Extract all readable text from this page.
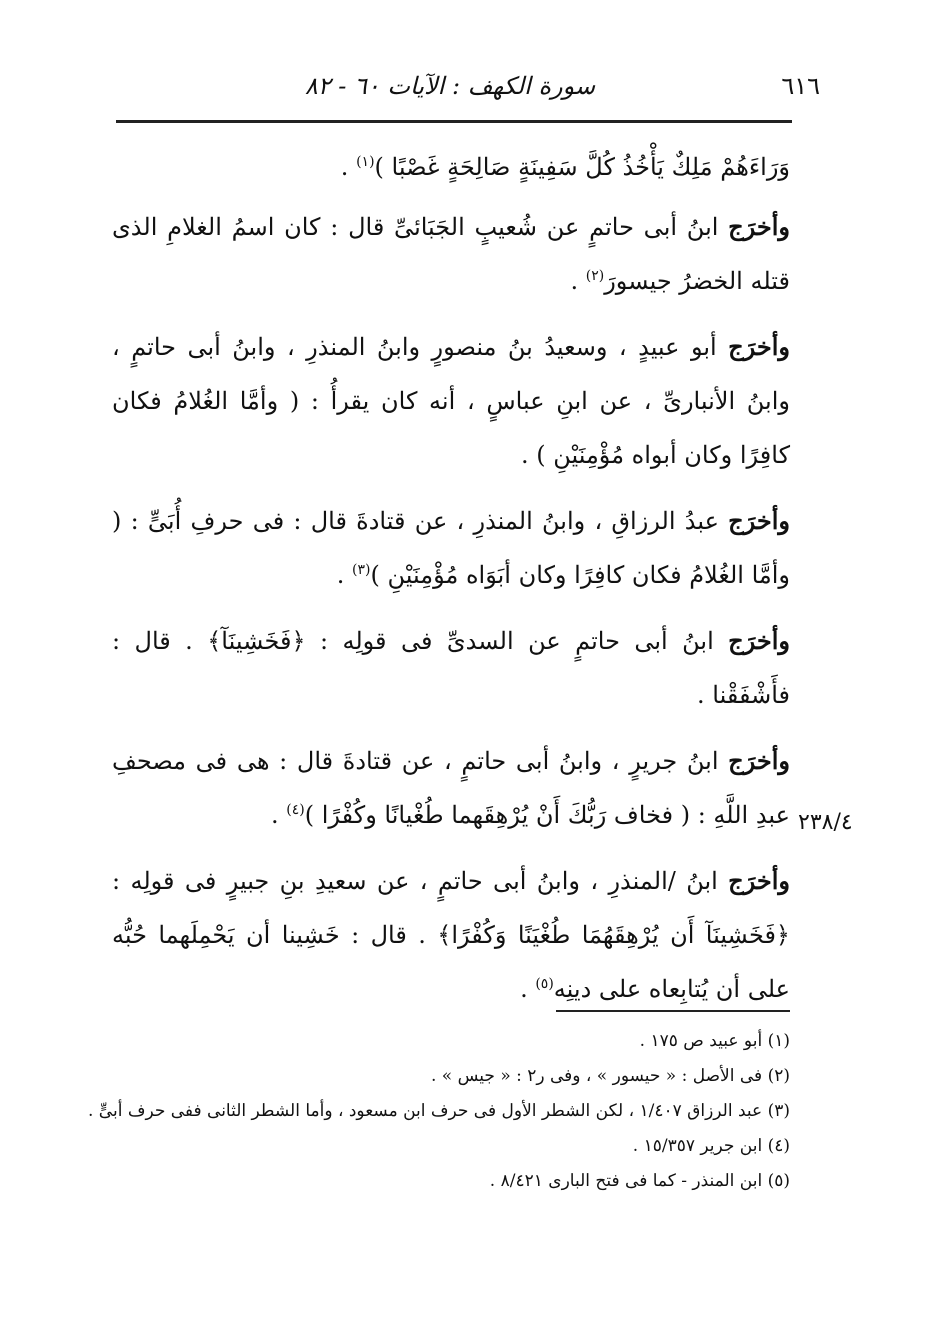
٦١٦

سورة الكهف : الآيات ٦٠ - ٨٢

وَرَاءَهُمْ مَلِكٌ يَأْخُذُ كُلَّ سَفِينَةٍ صَالِحَةٍ غَصْبًا )$^{(١)}$ .

وأخرَج ابنُ أبى حاتمٍ عن شُعيبٍ الجَبَائىِّ قال : كان اسمُ الغلامِ الذى قتله الخضرُ جيسورَ$^{(٢)}$ .

وأخرَج أبو عبيدٍ ، وسعيدُ بنُ منصورٍ وابنُ المنذرِ ، وابنُ أبى حاتمٍ ، وابنُ الأنبارىِّ ، عن ابنِ عباسٍ ، أنه كان يقرأُ : ( وأمَّا الغُلامُ فكان كافِرًا وكان أبواه مُؤْمِنَيْنِ ) .

وأخرَج عبدُ الرزاقِ ، وابنُ المنذرِ ، عن قتادةَ قال : فى حرفِ أُبَىٍّ : ( وأمَّا الغُلامُ فكان كافِرًا وكان أبَوَاه مُؤْمِنَيْنِ )$^{(٣)}$ .

وأخرَج ابنُ أبى حاتمٍ عن السدىِّ فى قولِه : ﴿فَخَشِينَآ﴾ . قال : فأَشْفَقْنا .

وأخرَج ابنُ جريرٍ ، وابنُ أبى حاتمٍ ، عن قتادةَ قال : هى فى مصحفِ عبدِ اللَّهِ : ( فخاف رَبُّكَ أَنْ يُرْهِقَهما طُغْيانًا وكُفْرًا )$^{(٤)}$ .

وأخرَج ابنُ /المنذرِ ، وابنُ أبى حاتمٍ ، عن سعيدِ بنِ جبيرٍ فى قولِه : ﴿فَخَشِينَآ أَن يُرْهِقَهُمَا طُغْيَنًا وَكُفْرًا﴾ . قال : خَشِينا أن يَحْمِلَهما حُبُّه على أن يُتابِعاه على دينِه$^{(٥)}$ .

٢٣٨/٤

(١) أبو عبيد ص ١٧٥ .

(٢) فى الأصل : « حيسور » ، وفى ر٢ : « جيس » .

(٣) عبد الرزاق ١/٤٠٧ ، لكن الشطر الأول فى حرف ابن مسعود ، وأما الشطر الثانى ففى حرف أبىٍّ .

(٤) ابن جرير ١٥/٣٥٧ .

(٥) ابن المنذر - كما فى فتح البارى ٨/٤٢١ .
